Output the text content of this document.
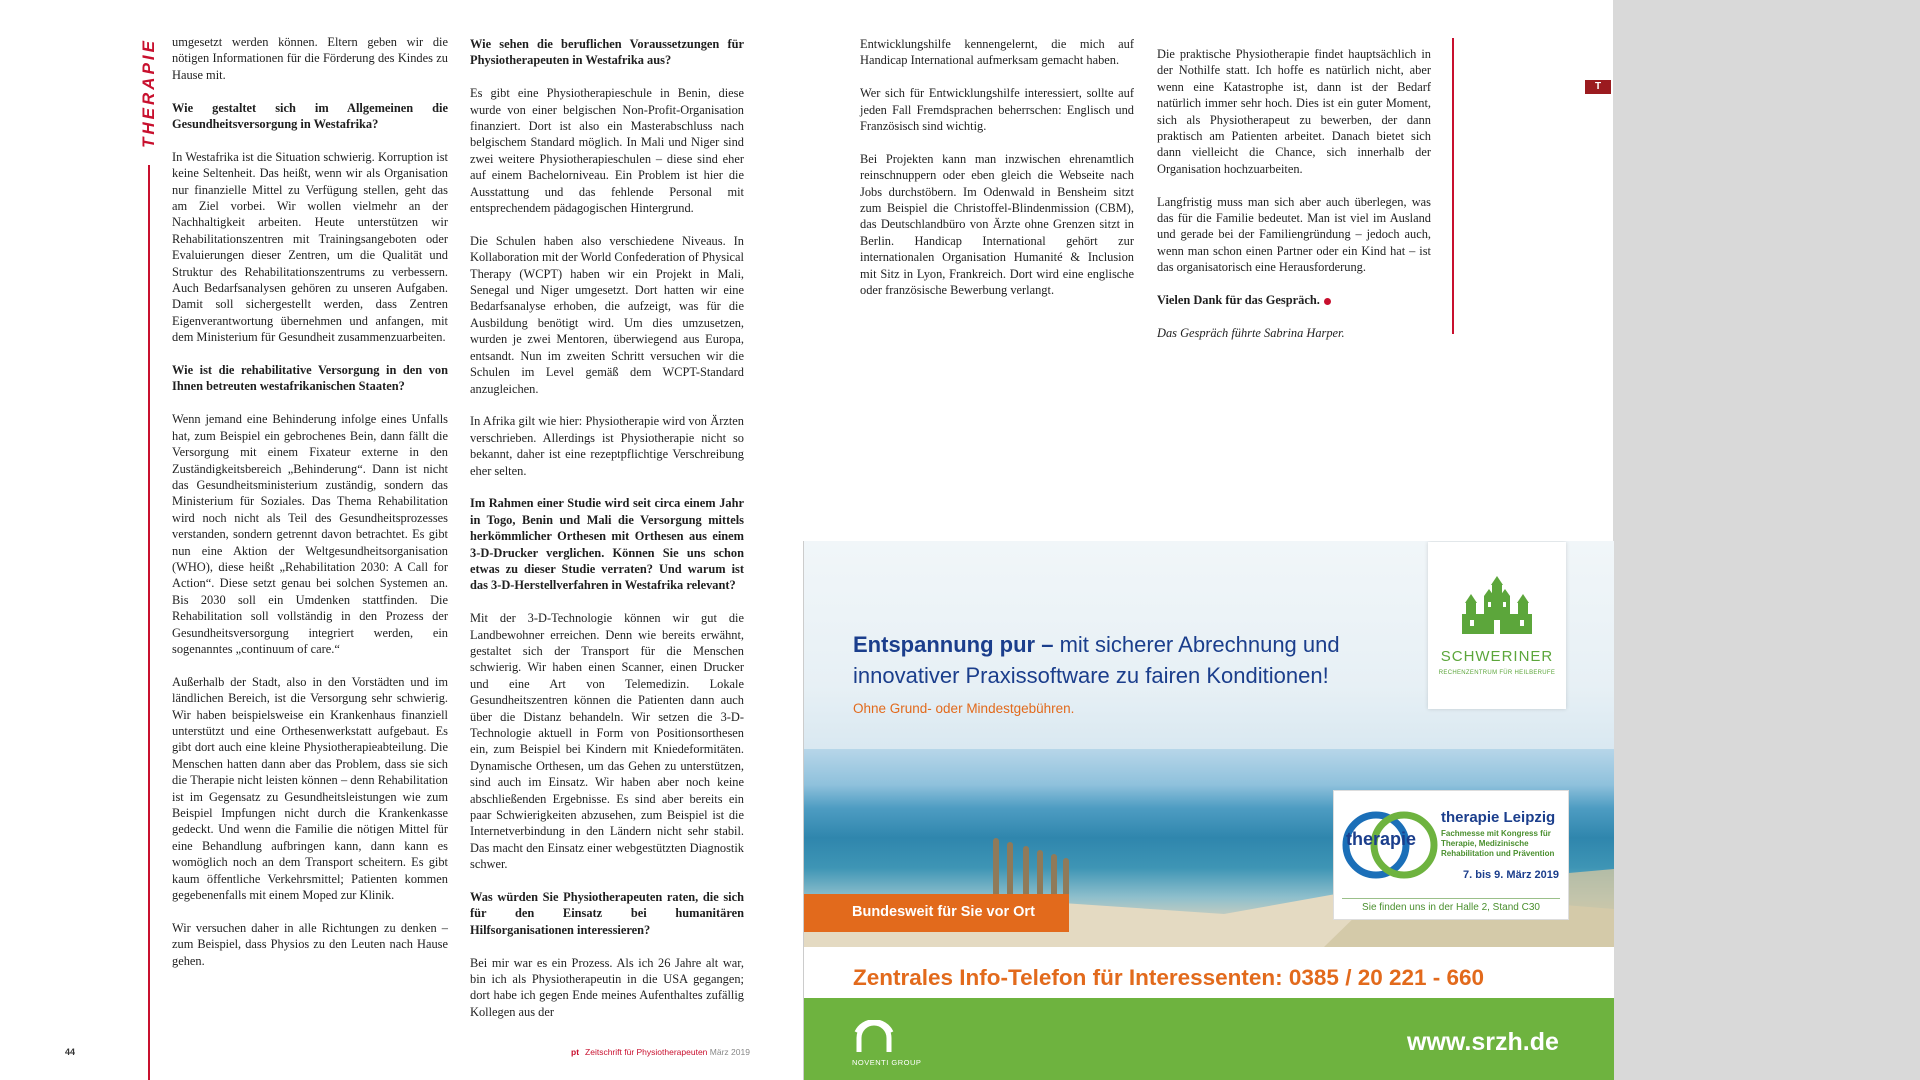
THERAPIE umgesetzt werden können. Eltern geben wir die nötigen Informationen für die Förderung des Kindes zu Hause mit.

Wie gestaltet sich im Allgemeinen die Gesundheitsversorgung in Westafrika?

In Westafrika ist die Situation schwierig. Korruption ist keine Seltenheit. Das heißt, wenn wir als Organisation nur finanzielle Mittel zu Verfügung stellen, geht das am Ziel vorbei. Wir wollen vielmehr an der Nachhaltigkeit arbeiten. Heute unterstützen wir Rehabilitationszentren mit Trainingsangeboten oder Evaluierungen dieser Zentren, um die Qualität und Struktur des Rehabilitationszentrums zu verbessern. Auch Bedarfsanalysen gehören zu unseren Aufgaben. Damit soll sichergestellt werden, dass Zentren Eigenverantwortung übernehmen und anfangen, mit dem Ministerium für Gesundheit zusammenzuarbeiten.

Wie ist die rehabilitative Versorgung in den von Ihnen betreuten westafrikanischen Staaten?

Wenn jemand eine Behinderung infolge eines Unfalls hat, zum Beispiel ein gebrochenes Bein, dann fällt die Versorgung mit einem Fixateur externe in den Zuständigkeitsbereich „Behinderung“. Dann ist nicht das Gesundheitsministerium zuständig, sondern das Ministerium für Soziales. Das Thema Rehabilitation wird noch nicht als Teil des Gesundheitsprozesses verstanden, sondern getrennt davon betrachtet. Es gibt nun eine Aktion der Weltgesundheitsorganisation (WHO), diese heißt „Rehabilitation 2030: A Call for Action“. Diese setzt genau bei solchen Systemen an. Bis 2030 soll ein Umdenken stattfinden. Die Rehabilitation soll vollständig in den Prozess der Gesundheitsversorgung integriert werden, ein sogenanntes „continuum of care.“

Außerhalb der Stadt, also in den Vorstädten und im ländlichen Bereich, ist die Versorgung sehr schwierig. Wir haben beispielsweise ein Krankenhaus finanziell unterstützt und eine Orthesenwerkstatt aufgebaut. Es gibt dort auch eine kleine Physiotherapieabteilung. Die Menschen hatten dann aber das Problem, dass sie sich die Therapie nicht leisten können – denn Rehabilitation ist im Gegensatz zu Gesundheitsleistungen wie zum Beispiel Impfungen nicht durch die Krankenkasse gedeckt. Und wenn die Familie die nötigen Mittel für eine Behandlung aufbringen kann, dann kann es womöglich noch an dem Transport scheitern. Es gibt kaum öffentliche Verkehrsmittel; Patienten kommen gegebenenfalls mit einem Moped zur Klinik.

Wir versuchen daher in alle Richtungen zu denken – zum Beispiel, dass Physios zu den Leuten nach Hause gehen.

Wie sehen die beruflichen Voraussetzungen für Physiotherapeuten in Westafrika aus?

Es gibt eine Physiotherapieschule in Benin, diese wurde von einer belgischen Non-Profit-Organisation finanziert. Dort ist also ein Masterabschluss nach belgischem Standard möglich. In Mali und Niger sind zwei weitere Physiotherapieschulen – diese sind eher auf einem Bachelorniveau. Ein Problem ist hier die Ausstattung und das fehlende Personal mit entsprechendem pädagogischen Hintergrund.

Die Schulen haben also verschiedene Niveaus. In Kollaboration mit der World Confederation of Physical Therapy (WCPT) haben wir ein Projekt in Mali, Senegal und Niger umgesetzt. Dort hatten wir eine Bedarfsanalyse erhoben, die aufzeigt, was für die Ausbildung benötigt wird. Um dies umzusetzen, wurden je zwei Mentoren, überwiegend aus Europa, entsandt. Nun im zweiten Schritt versuchen wir die Schulen im Level gemäß dem WCPT-Standard anzugleichen.

In Afrika gilt wie hier: Physiotherapie wird von Ärzten verschrieben. Allerdings ist Physiotherapie nicht so bekannt, daher ist eine rezeptpflichtige Verschreibung eher selten.

Im Rahmen einer Studie wird seit circa einem Jahr in Togo, Benin und Mali die Versorgung mittels herkömmlicher Orthesen mit Orthesen aus einem 3-D-Drucker verglichen. Können Sie uns schon etwas zu dieser Studie verraten? Und warum ist das 3-D-Herstellverfahren in Westafrika relevant?

Mit der 3-D-Technologie können wir gut die Landbewohner erreichen. Denn wie bereits erwähnt, gestaltet sich der Transport für die Menschen schwierig. Wir haben einen Scanner, einen Drucker und eine Art von Telemedizin. Lokale Gesundheitszentren können die Patienten dann auch über die Distanz behandeln. Wir setzen die 3-D-Technologie aktuell in Form von Positionsorthesen ein, zum Beispiel bei Kindern mit Kniedeformitäten. Dynamische Orthesen, um das Gehen zu unterstützen, sind auch im Einsatz. Wir haben aber noch keine abschließenden Ergebnisse. Es sind aber bereits ein paar Schwierigkeiten abzusehen, zum Beispiel ist die Internetverbindung in den Ländern nicht sehr stabil. Das macht den Einsatz einer webgestützten Diagnostik schwer.

Was würden Sie Physiotherapeuten raten, die sich für den Einsatz bei humanitären Hilfsorganisationen interessieren?

Bei mir war es ein Prozess. Als ich 26 Jahre alt war, bin ich als Physiotherapeutin in die USA gegangen; dort habe ich gegen Ende meines Aufenthaltes zufällig Kollegen aus der

44	pt Zeitschrift für Physiotherapeuten März 2019

Entwicklungshilfe kennengelernt, die mich auf Handicap International aufmerksam gemacht haben.

Wer sich für Entwicklungshilfe interessiert, sollte auf jeden Fall Fremdsprachen beherrschen: Englisch und Französisch sind wichtig.

Bei Projekten kann man inzwischen ehrenamtlich reinschnuppern oder eben gleich die Webseite nach Jobs durchstöbern. Im Odenwald in Bensheim sitzt zum Beispiel die Christoffel-Blindenmission (CBM), das Deutschlandbüro von Ärzte ohne Grenzen sitzt in Berlin. Handicap International gehört zur internationalen Organisation Humanité & Inclusion mit Sitz in Lyon, Frankreich. Dort wird eine englische oder französische Bewerbung verlangt.

Die praktische Physiotherapie findet hauptsächlich in der Nothilfe statt. Ich hoffe es natürlich nicht, aber wenn eine Katastrophe ist, dann ist der Bedarf natürlich immer sehr hoch. Dies ist ein guter Moment, sich als Physiotherapeut zu bewerben, der dann praktisch am Patienten arbeitet. Danach bietet sich dann vielleicht die Chance, sich innerhalb der Organisation hochzuarbeiten.

Langfristig muss man sich aber auch überlegen, was das für die Familie bedeutet. Man ist viel im Ausland und gerade bei der Familiengründung – jedoch auch, wenn man schon einen Partner oder ein Kind hat – ist das organisatorisch eine Herausforderung.

Vielen Dank für das Gespräch.

Das Gespräch führte Sabrina Harper.

T
Entspannung pur – mit sicherer Abrechnung und innovativer Praxissoftware zu fairen Konditionen!
Ohne Grund- oder Mindestgebühren.
SCHWERINER
RECHENZENTRUM FÜR HEILBERUFE
Bundesweit für Sie vor Ort
therapie
therapie Leipzig
Fachmesse mit Kongress für Therapie, Medizinische Rehabilitation und Prävention
7. bis 9. März 2019
Sie finden uns in der Halle 2, Stand C30
Zentrales Info-Telefon für Interessenten: 0385 / 20 221 - 660
NOVENTI GROUP
www.srzh.de
